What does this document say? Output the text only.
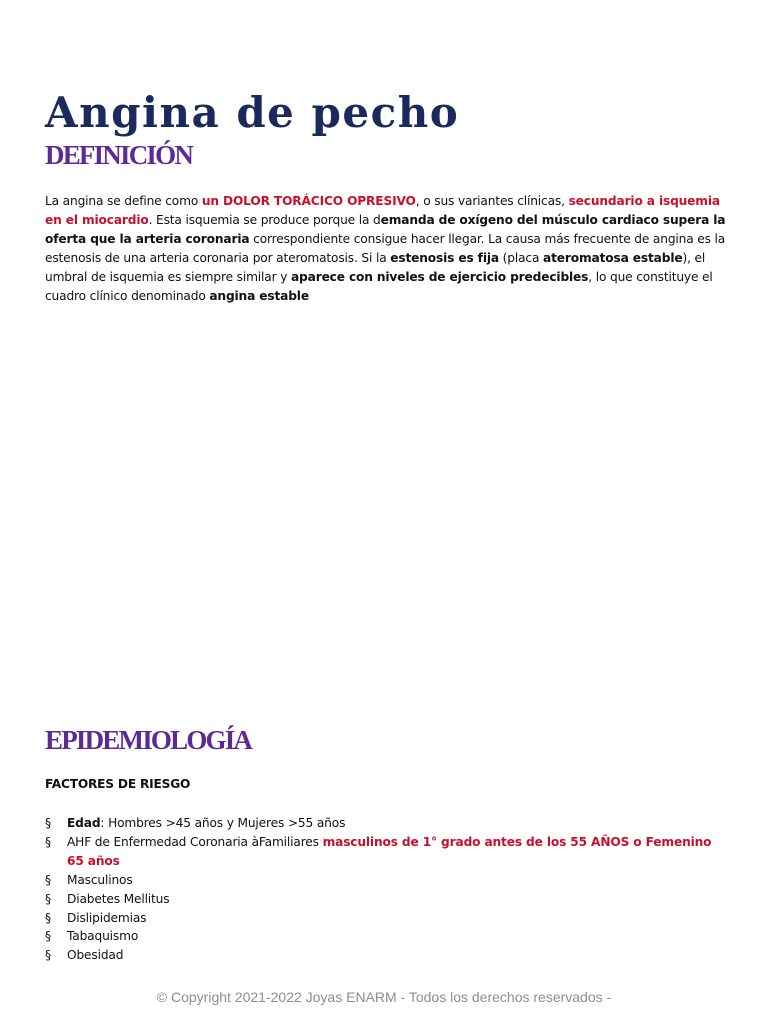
Angina de pecho
DEFINICIÓN

La angina se define como un DOLOR TORÁCICO OPRESIVO, o sus variantes clínicas, secundario a isquemia en el miocardio. Esta isquemia se produce porque la demanda de oxígeno del músculo cardiaco supera la oferta que la arteria coronaria correspondiente consigue hacer llegar. La causa más frecuente de angina es la estenosis de una arteria coronaria por ateromatosis. Si la estenosis es fija (placa ateromatosa estable), el umbral de isquemia es siempre similar y aparece con niveles de ejercicio predecibles, lo que constituye el cuadro clínico denominado angina estable

EPIDEMIOLOGÍA

FACTORES DE RIESGO

§ Edad: Hombres >45 años y Mujeres >55 años
§ AHF de Enfermedad Coronaria àFamiliares masculinos de 1° grado antes de los 55 AÑOS o Femenino 65 años
§ Masculinos
§ Diabetes Mellitus
§ Dislipidemias
§ Tabaquismo
§ Obesidad
© Copyright 2021-2022 Joyas ENARM - Todos los derechos reservados -
